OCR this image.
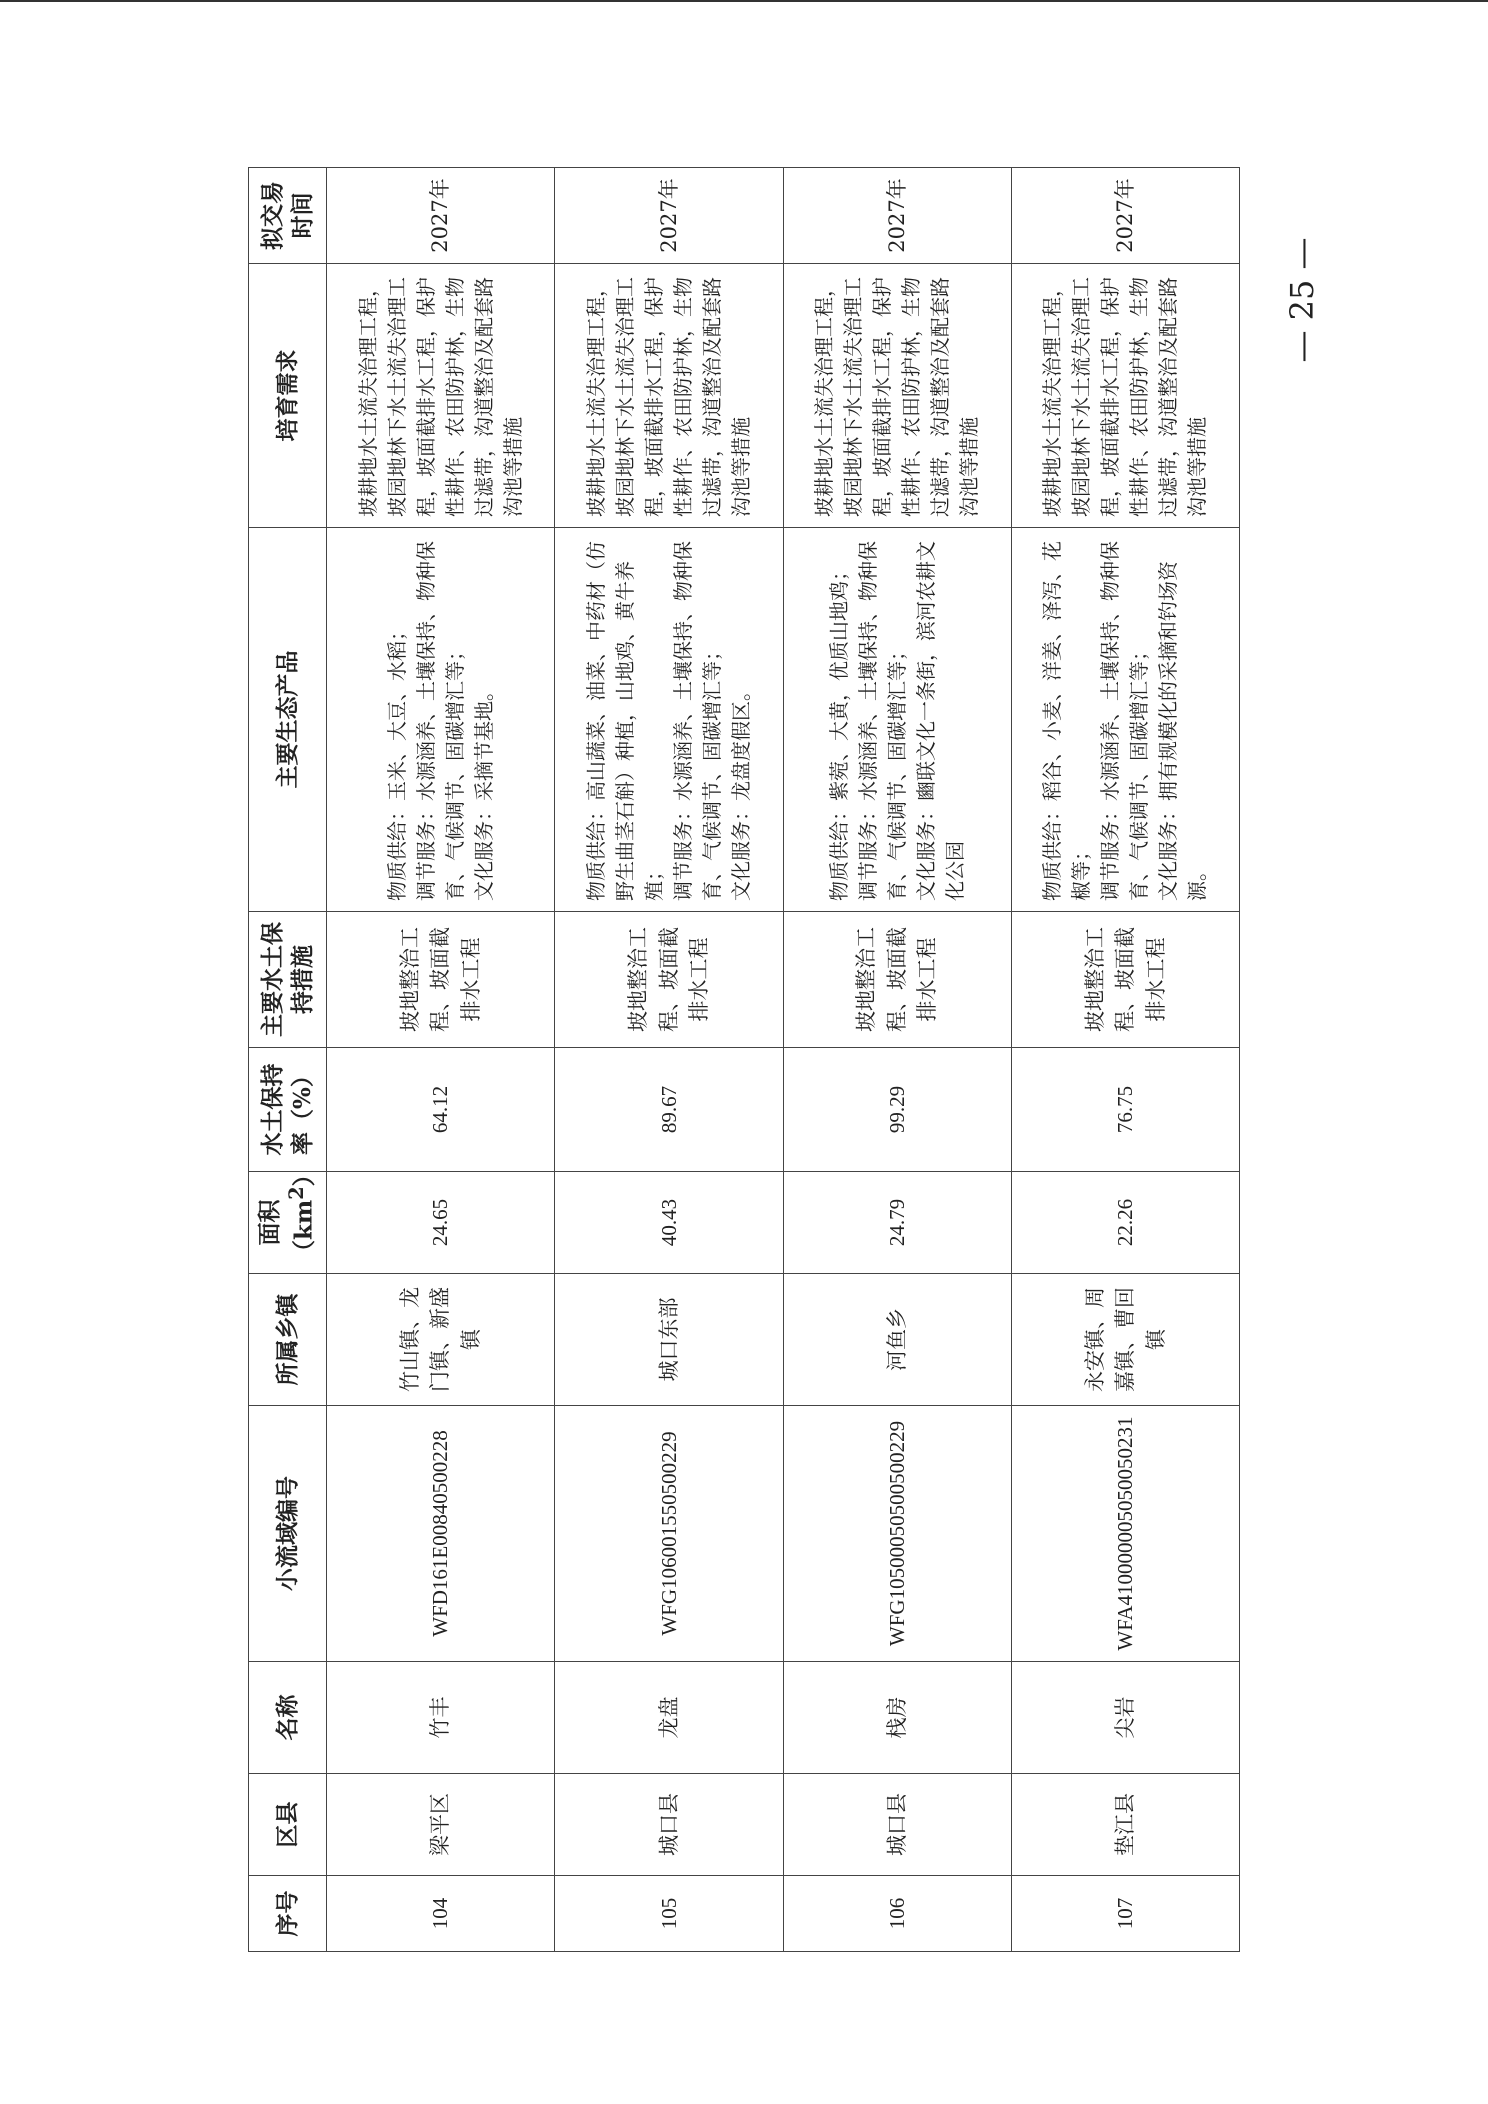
— 25 —
序号	区县	名称	小流域编号	所属乡镇	面积 $(km^2)$	水土保持率（%）	主要水土保持措施	主要生态产品	培育需求	拟交易时间
104	梁平区	竹丰	WFD161E0084050022​8	竹山镇、龙门镇、新盛镇	24.65	64.12	坡地整治工程、坡面截排水工程	物质供给：玉米、大豆、水稻；
调节服务：水源涵养、土壤保持、物种保育、气候调节、固碳增汇等；
文化服务：采摘节基地。	坡耕地水土流失治理工程，坡园地林下水土流失治理工程，坡面截排水工程，保护性耕作、农田防护林，生物过滤带，沟道整治及配套路沟池等措施	2027年
105	城口县	龙盘	WFG10600155050022​9	城口东部	40.43	89.67	坡地整治工程、坡面截排水工程	物质供给：高山蔬菜、油菜、中药材（仿野生曲茎石斛）种植，山地鸡、黄牛养殖；
调节服务：水源涵养、土壤保持、物种保育、气候调节、固碳增汇等；
文化服务：龙盘度假区。	坡耕地水土流失治理工程，坡园地林下水土流失治理工程，坡面截排水工程，保护性耕作、农田防护林，生物过滤带，沟道整治及配套路沟池等措施	2027年
106	城口县	栈房	WFG10500050500500229	河鱼乡	24.79	99.29	坡地整治工程、坡面截排水工程	物质供给：紫菀、大黄，优质山地鸡；
调节服务：水源涵养、土壤保持、物种保育、气候调节、固碳增汇等；
文化服务：豳联文化一条街，滨河农耕文化公园	坡耕地水土流失治理工程，坡园地林下水土流失治理工程，坡面截排水工程，保护性耕作、农田防护林，生物过滤带，沟道整治及配套路沟池等措施	2027年
107	垫江县	尖岩	WFA41000000505005023​1	永安镇、周嘉镇、曹回镇	22.26	76.75	坡地整治工程、坡面截排水工程	物质供给：稻谷、小麦、洋姜、泽泻、花椒等；
调节服务：水源涵养、土壤保持、物种保育、气候调节、固碳增汇等；
文化服务：拥有规模化的采摘和钓场资源。	坡耕地水土流失治理工程，坡园地林下水土流失治理工程，坡面截排水工程，保护性耕作、农田防护林，生物过滤带，沟道整治及配套路沟池等措施	2027年
